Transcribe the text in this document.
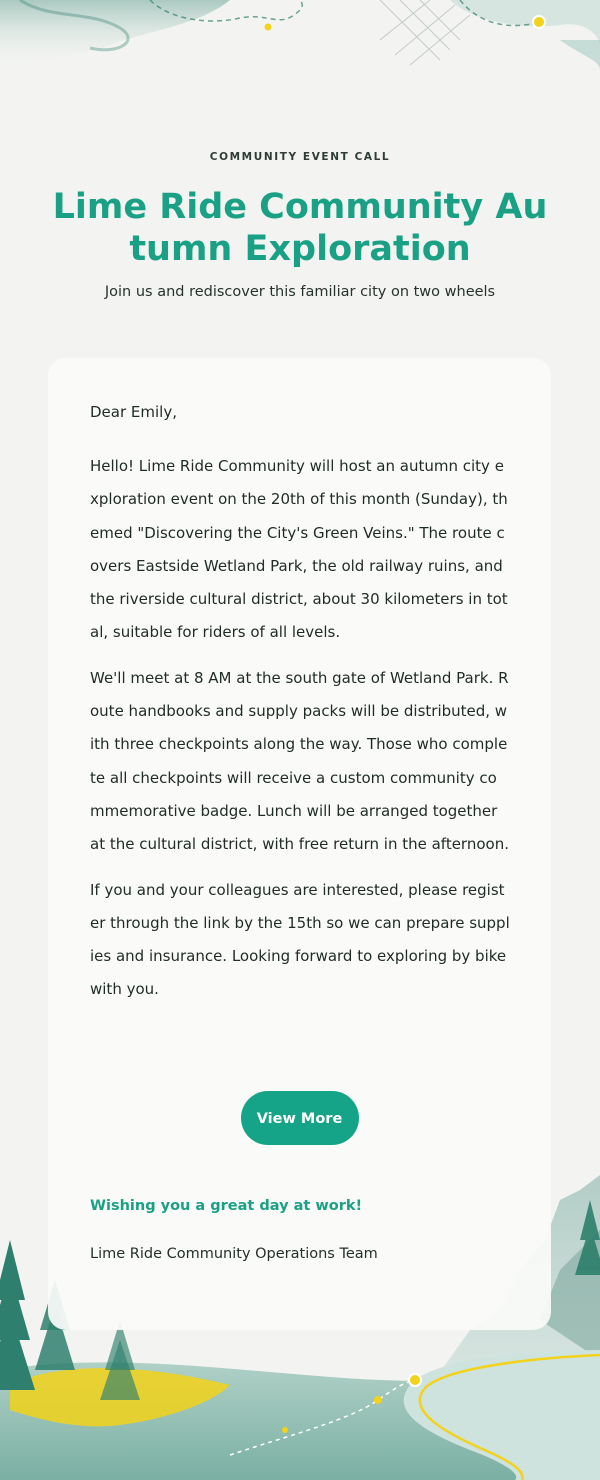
COMMUNITY EVENT CALL
Lime Ride Community Autumn Exploration
Join us and rediscover this familiar city on two wheels

Dear Emily,

Hello! Lime Ride Community will host an autumn city exploration event on the 20th of this month (Sunday), themed "Discovering the City's Green Veins." The route covers Eastside Wetland Park, the old railway ruins, and the riverside cultural district, about 30 kilometers in total, suitable for riders of all levels.

We'll meet at 8 AM at the south gate of Wetland Park. Route handbooks and supply packs will be distributed, with three checkpoints along the way. Those who complete all checkpoints will receive a custom community commemorative badge. Lunch will be arranged together at the cultural district, with free return in the afternoon.

If you and your colleagues are interested, please register through the link by the 15th so we can prepare supplies and insurance. Looking forward to exploring by bike with you.

View More
Wishing you a great day at work!
Lime Ride Community Operations Team
